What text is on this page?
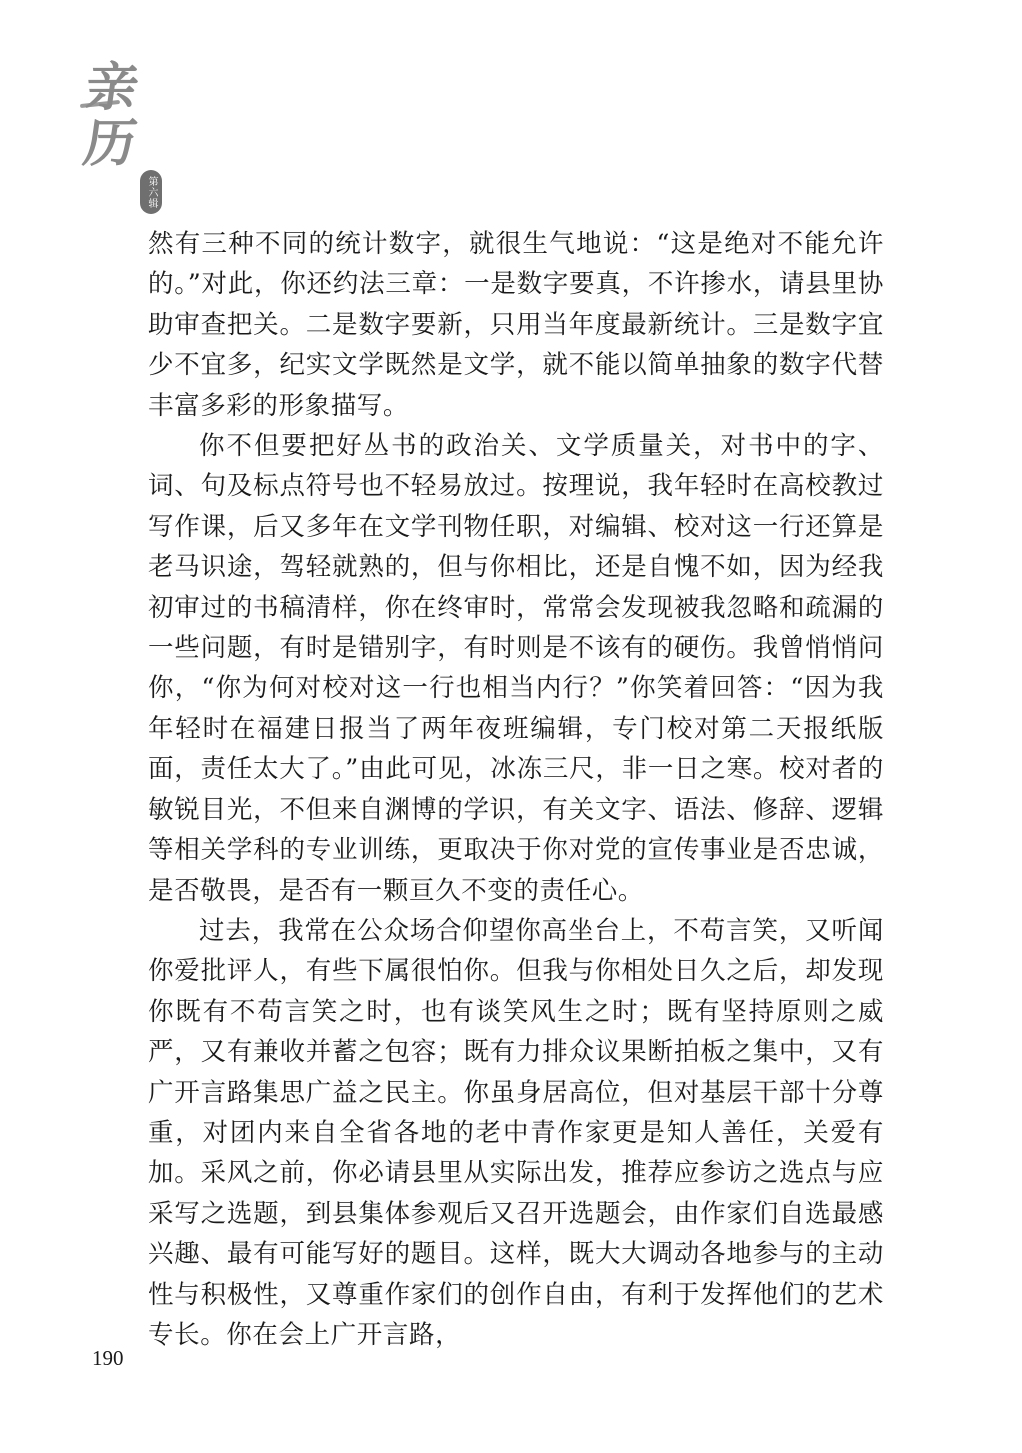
亲
历
第六辑

然有三种不同的统计数字，就很生气地说：“这是绝对不能允许的。”对此，你还约法三章：一是数字要真，不许掺水，请县里协助审查把关。二是数字要新，只用当年度最新统计。三是数字宜少不宜多，纪实文学既然是文学，就不能以简单抽象的数字代替丰富多彩的形象描写。

你不但要把好丛书的政治关、文学质量关，对书中的字、词、句及标点符号也不轻易放过。按理说，我年轻时在高校教过写作课，后又多年在文学刊物任职，对编辑、校对这一行还算是老马识途，驾轻就熟的，但与你相比，还是自愧不如，因为经我初审过的书稿清样，你在终审时，常常会发现被我忽略和疏漏的一些问题，有时是错别字，有时则是不该有的硬伤。我曾悄悄问你，“你为何对校对这一行也相当内行？”你笑着回答：“因为我年轻时在福建日报当了两年夜班编辑，专门校对第二天报纸版面，责任太大了。”由此可见，冰冻三尺，非一日之寒。校对者的敏锐目光，不但来自渊博的学识，有关文字、语法、修辞、逻辑等相关学科的专业训练，更取决于你对党的宣传事业是否忠诚，是否敬畏，是否有一颗亘久不变的责任心。

过去，我常在公众场合仰望你高坐台上，不苟言笑，又听闻你爱批评人，有些下属很怕你。但我与你相处日久之后，却发现你既有不苟言笑之时，也有谈笑风生之时；既有坚持原则之威严，又有兼收并蓄之包容；既有力排众议果断拍板之集中，又有广开言路集思广益之民主。你虽身居高位，但对基层干部十分尊重，对团内来自全省各地的老中青作家更是知人善任，关爱有加。采风之前，你必请县里从实际出发，推荐应参访之选点与应采写之选题，到县集体参观后又召开选题会，由作家们自选最感兴趣、最有可能写好的题目。这样，既大大调动各地参与的主动性与积极性，又尊重作家们的创作自由，有利于发挥他们的艺术专长。你在会上广开言路，

190
